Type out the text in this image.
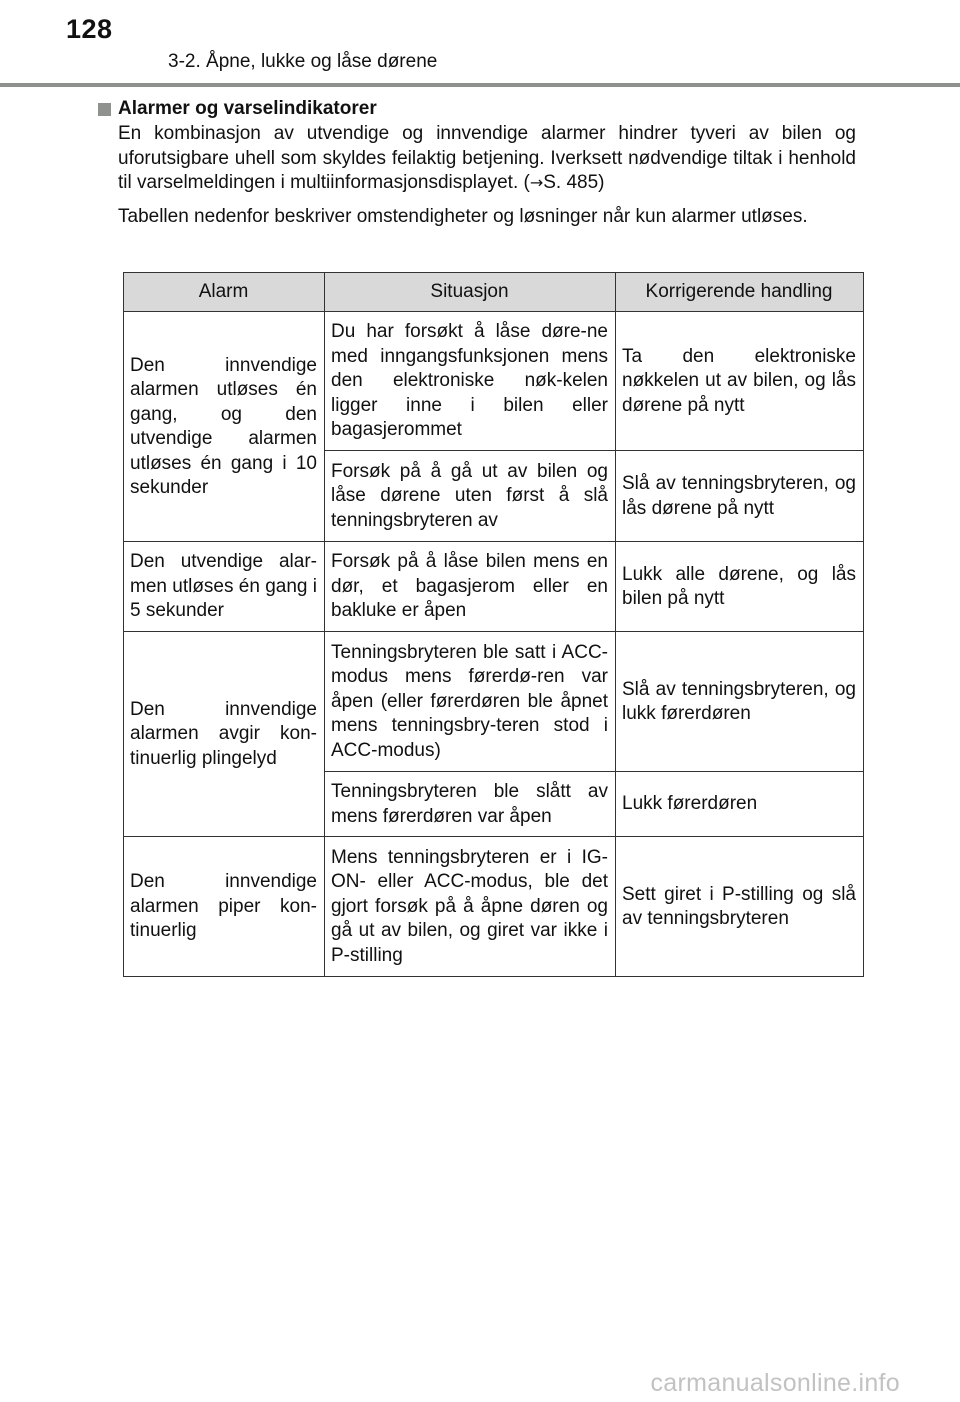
128
3-2. Åpne, lukke og låse dørene
Alarmer og varselindikatorer

En kombinasjon av utvendige og innvendige alarmer hindrer tyveri av bilen og uforutsigbare uhell som skyldes feilaktig betjening. Iverksett nødvendige tiltak i henhold til varselmeldingen i multiinformasjonsdisplayet. (→S. 485)

Tabellen nedenfor beskriver omstendigheter og løsninger når kun alarmer utløses.

Alarm	Situasjon	Korrigerende handling
Den innvendige alarmen utløses én gang, og den utvendige alarmen utløses én gang i 10 sekunder	Du har forsøkt å låse døre-ne med inngangsfunksjonen mens den elektroniske nøk-kelen ligger inne i bilen eller bagasjerommet	Ta den elektroniske nøkkelen ut av bilen, og lås dørene på nytt
	Forsøk på å gå ut av bilen og låse dørene uten først å slå tenningsbryteren av	Slå av tenningsbryteren, og lås dørene på nytt
Den utvendige alar-men utløses én gang i 5 sekunder	Forsøk på å låse bilen mens en dør, et bagasjerom eller en bakluke er åpen	Lukk alle dørene, og lås bilen på nytt
Den innvendige alarmen avgir kon-tinuerlig plingelyd	Tenningsbryteren ble satt i ACC-modus mens førerdø-ren var åpen (eller førerdøren ble åpnet mens tenningsbry-teren stod i ACC-modus)	Slå av tenningsbryteren, og lukk førerdøren
	Tenningsbryteren ble slått av mens førerdøren var åpen	Lukk førerdøren
Den innvendige alarmen piper kon-tinuerlig	Mens tenningsbryteren er i IG-ON- eller ACC-modus, ble det gjort forsøk på å åpne døren og gå ut av bilen, og giret var ikke i P-stilling	Sett giret i P-stilling og slå av tenningsbryteren
carmanualsonline.info
